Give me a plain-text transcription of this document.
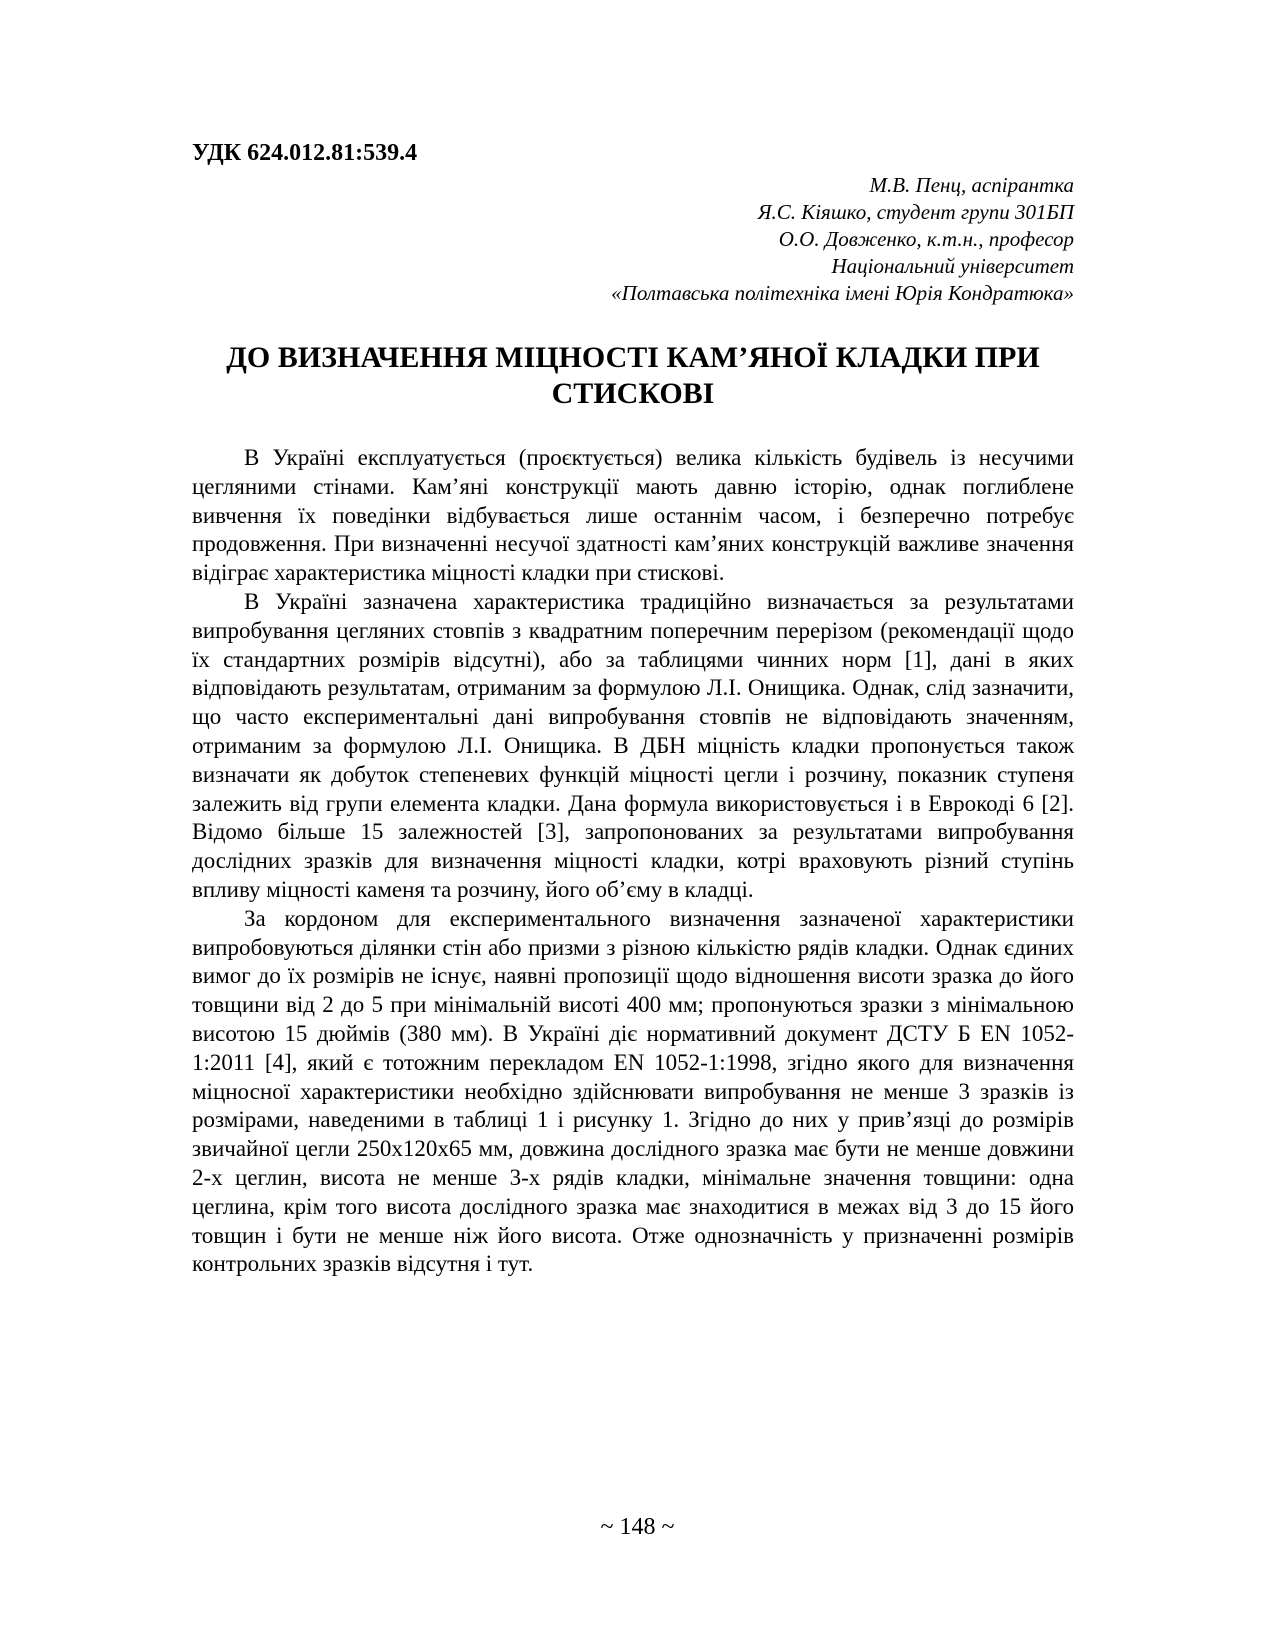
УДК 624.012.81:539.4
М.В. Пенц, аспірантка
Я.С. Кіяшко, студент групи 301БП
О.О. Довженко, к.т.н., професор
Національний університет
«Полтавська політехніка імені Юрія Кондратюка»
ДО ВИЗНАЧЕННЯ МІЦНОСТІ КАМ’ЯНОЇ КЛАДКИ ПРИ
СТИСКОВІ

В Україні експлуатується (проєктується) велика кількість будівель із несучими цегляними стінами. Кам’яні конструкції мають давню історію, однак поглиблене вивчення їх поведінки відбувається лише останнім часом, і безперечно потребує продовження. При визначенні несучої здатності кам’яних конструкцій важливе значення відіграє характеристика міцності кладки при стискові.

В Україні зазначена характеристика традиційно визначається за результатами випробування цегляних стовпів з квадратним поперечним перерізом (рекомендації щодо їх стандартних розмірів відсутні), або за таблицями чинних норм [1], дані в яких відповідають результатам, отриманим за формулою Л.І. Онищика. Однак, слід зазначити, що часто експериментальні дані випробування стовпів не відповідають значенням, отриманим за формулою Л.І. Онищика. В ДБН міцність кладки пропонується також визначати як добуток степеневих функцій міцності цегли і розчину, показник ступеня залежить від групи елемента кладки. Дана формула використовується і в Еврокоді 6 [2]. Відомо більше 15 залежностей [3], запропонованих за результатами випробування дослідних зразків для визначення міцності кладки, котрі враховують різний ступінь впливу міцності каменя та розчину, його об’єму в кладці.

За кордоном для експериментального визначення зазначеної характеристики випробовуються ділянки стін або призми з різною кількістю рядів кладки. Однак єдиних вимог до їх розмірів не існує, наявні пропозиції щодо відношення висоти зразка до його товщини від 2 до 5 при мінімальній висоті 400 мм; пропонуються зразки з мінімальною висотою 15 дюймів (380 мм). В Україні діє нормативний документ ДСТУ Б EN 1052-1:2011 [4], який є тотожним перекладом EN 1052-1:1998, згідно якого для визначення міцносної характеристики необхідно здійснювати випробування не менше 3 зразків із розмірами, наведеними в таблиці 1 і рисунку 1. Згідно до них у прив’язці до розмірів звичайної цегли 250х120х65 мм, довжина дослідного зразка має бути не менше довжини 2-х цеглин, висота не менше 3-х рядів кладки, мінімальне значення товщини: одна цеглина, крім того висота дослідного зразка має знаходитися в межах від 3 до 15 його товщин і бути не менше ніж його висота. Отже однозначність у призначенні розмірів контрольних зразків відсутня і тут.

~ 148 ~
